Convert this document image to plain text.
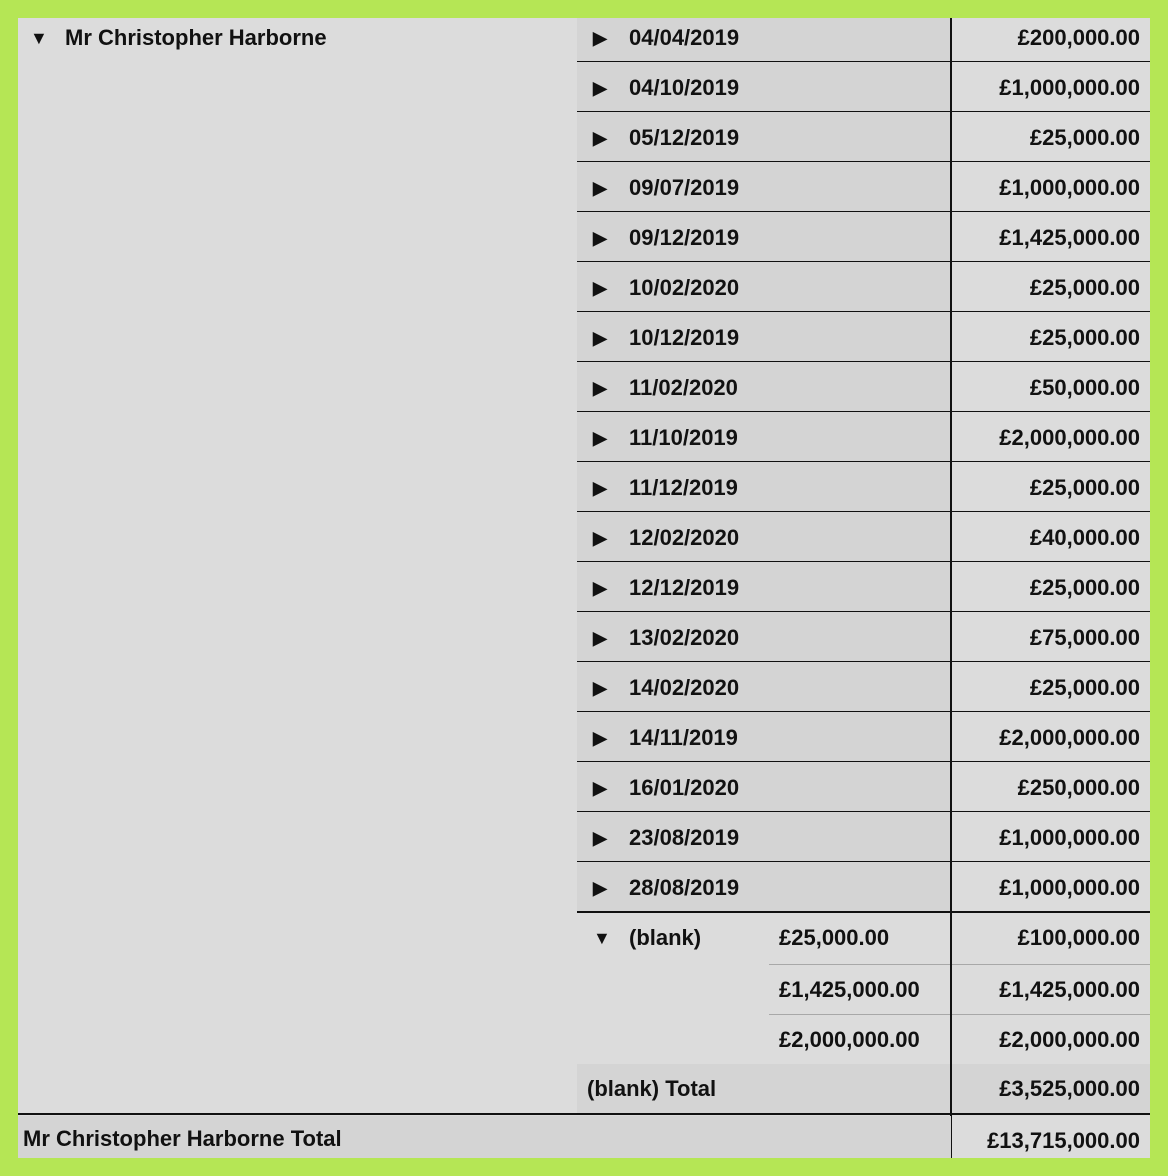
▼ Mr Christopher Harborne	▶ 04/04/2019	£200,000.00
▶ 04/10/2019	£1,000,000.00
▶ 05/12/2019	£25,000.00
▶ 09/07/2019	£1,000,000.00
▶ 09/12/2019	£1,425,000.00
▶ 10/02/2020	£25,000.00
▶ 10/12/2019	£25,000.00
▶ 11/02/2020	£50,000.00
▶ 11/10/2019	£2,000,000.00
▶ 11/12/2019	£25,000.00
▶ 12/02/2020	£40,000.00
▶ 12/12/2019	£25,000.00
▶ 13/02/2020	£75,000.00
▶ 14/02/2020	£25,000.00
▶ 14/11/2019	£2,000,000.00
▶ 16/01/2020	£250,000.00
▶ 23/08/2019	£1,000,000.00
▶ 28/08/2019	£1,000,000.00
▼ (blank)	£25,000.00	£100,000.00
£1,425,000.00	£1,425,000.00
£2,000,000.00	£2,000,000.00
(blank) Total	£3,525,000.00
Mr Christopher Harborne Total	£13,715,000.00
